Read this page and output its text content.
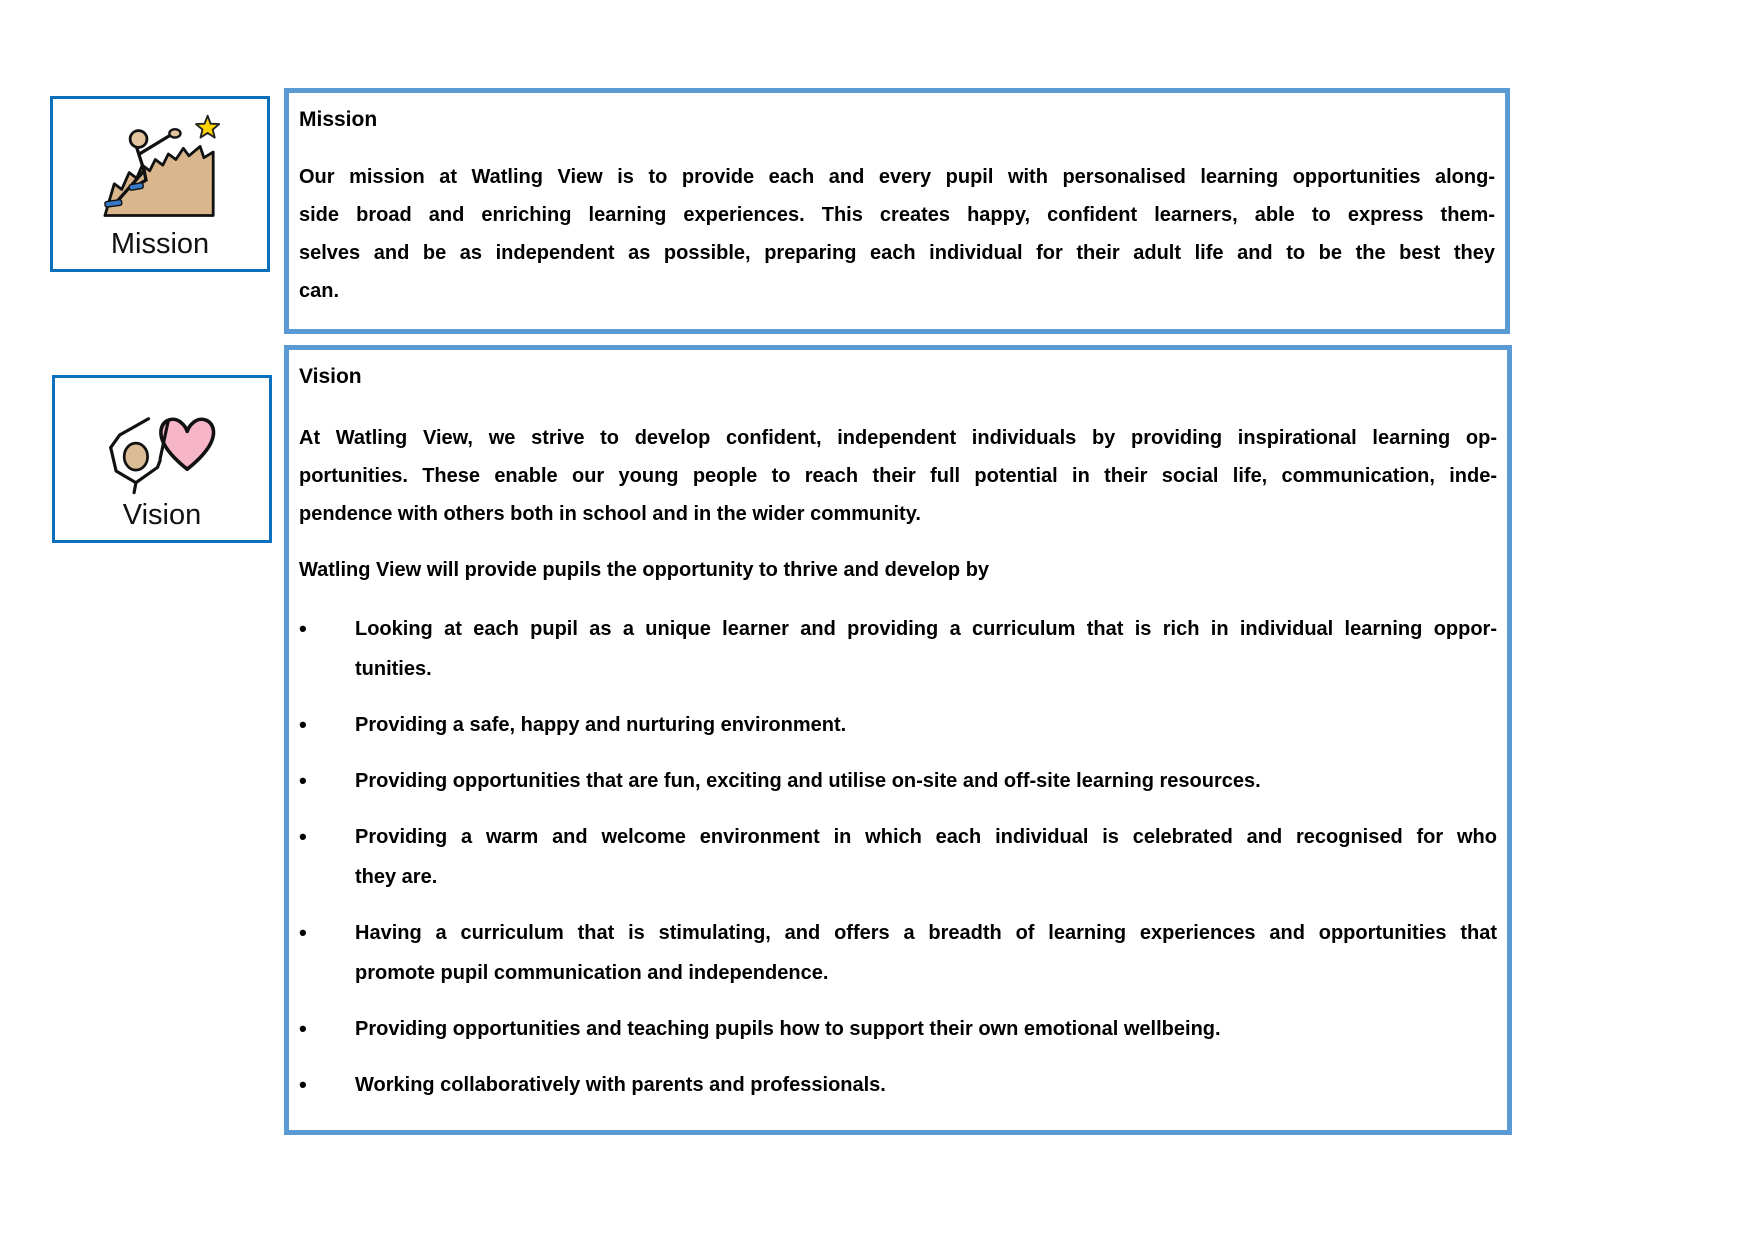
Mission
Vision
Mission
Our mission at Watling View is to provide each and every pupil with personalised learning opportunities along-
side broad and enriching learning experiences. This creates happy, confident learners, able to express them-
selves and be as independent as possible, preparing each individual for their adult life and to be the best they
can.
Vision
At Watling View, we strive to develop confident, independent individuals by providing inspirational learning op-
portunities. These enable our young people to reach their full potential in their social life, communication, inde-
pendence with others both in school and in the wider community.
Watling View will provide pupils the opportunity to thrive and develop by
•	Looking at each pupil as a unique learner and providing a curriculum that is rich in individual learning oppor-
tunities.
•	Providing a safe, happy and nurturing environment.
•	Providing opportunities that are fun, exciting and utilise on-site and off-site learning resources.
•	Providing a warm and welcome environment in which each individual is celebrated and recognised for who
they are.
•	Having a curriculum that is stimulating, and offers a breadth of learning experiences and opportunities that
promote pupil communication and independence.
•	Providing opportunities and teaching pupils how to support their own emotional wellbeing.
•	Working collaboratively with parents and professionals.
